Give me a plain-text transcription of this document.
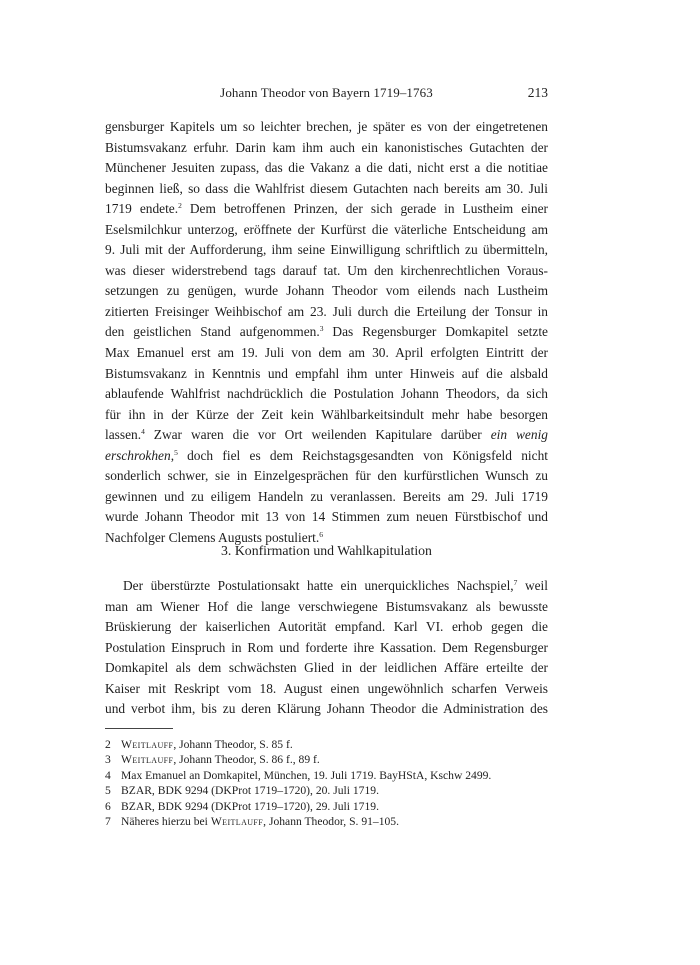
Johann Theodor von Bayern 1719–1763	213
gensburger Kapitels um so leichter brechen, je später es von der eingetretenen
Bistumsvakanz erfuhr. Darin kam ihm auch ein kanonistisches Gutachten der
Münchener Jesuiten zupass, das die Vakanz a die dati, nicht erst a die notitiae
beginnen ließ, so dass die Wahlfrist diesem Gutachten nach bereits am 30. Juli
1719 endete.$^2$ Dem betroffenen Prinzen, der sich gerade in Lustheim einer
Eselsmilchkur unterzog, eröffnete der Kurfürst die väterliche Entscheidung am
9. Juli mit der Aufforderung, ihm seine Einwilligung schriftlich zu übermitteln,
was dieser widerstrebend tags darauf tat. Um den kirchenrechtlichen Voraus-
setzungen zu genügen, wurde Johann Theodor vom eilends nach Lustheim
zitierten Freisinger Weihbischof am 23. Juli durch die Erteilung der Tonsur in
den geistlichen Stand aufgenommen.$^3$ Das Regensburger Domkapitel setzte
Max Emanuel erst am 19. Juli von dem am 30. April erfolgten Eintritt der
Bistumsvakanz in Kenntnis und empfahl ihm unter Hinweis auf die alsbald
ablaufende Wahlfrist nachdrücklich die Postulation Johann Theodors, da sich
für ihn in der Kürze der Zeit kein Wählbarkeitsindult mehr habe besorgen
lassen.$^4$ Zwar waren die vor Ort weilenden Kapitulare darüber ein wenig
erschrokhen,$^5$ doch fiel es dem Reichstagsgesandten von Königsfeld nicht
sonderlich schwer, sie in Einzelgesprächen für den kurfürstlichen Wunsch zu
gewinnen und zu eiligem Handeln zu veranlassen. Bereits am 29. Juli 1719
wurde Johann Theodor mit 13 von 14 Stimmen zum neuen Fürstbischof und
Nachfolger Clemens Augusts postuliert.$^6$
3. Konfirmation und Wahlkapitulation
Der überstürzte Postulationsakt hatte ein unerquickliches Nachspiel,$^7$ weil
man am Wiener Hof die lange verschwiegene Bistumsvakanz als bewusste
Brüskierung der kaiserlichen Autorität empfand. Karl VI. erhob gegen die
Postulation Einspruch in Rom und forderte ihre Kassation. Dem Regensburger
Domkapitel als dem schwächsten Glied in der leidlichen Affäre erteilte der
Kaiser mit Reskript vom 18. August einen ungewöhnlich scharfen Verweis
und verbot ihm, bis zu deren Klärung Johann Theodor die Administration des
2 Weitlauff, Johann Theodor, S. 85 f.
3 Weitlauff, Johann Theodor, S. 86 f., 89 f.
4 Max Emanuel an Domkapitel, München, 19. Juli 1719. BayHStA, Kschw 2499.
5 BZAR, BDK 9294 (DKProt 1719–1720), 20. Juli 1719.
6 BZAR, BDK 9294 (DKProt 1719–1720), 29. Juli 1719.
7 Näheres hierzu bei Weitlauff, Johann Theodor, S. 91–105.
